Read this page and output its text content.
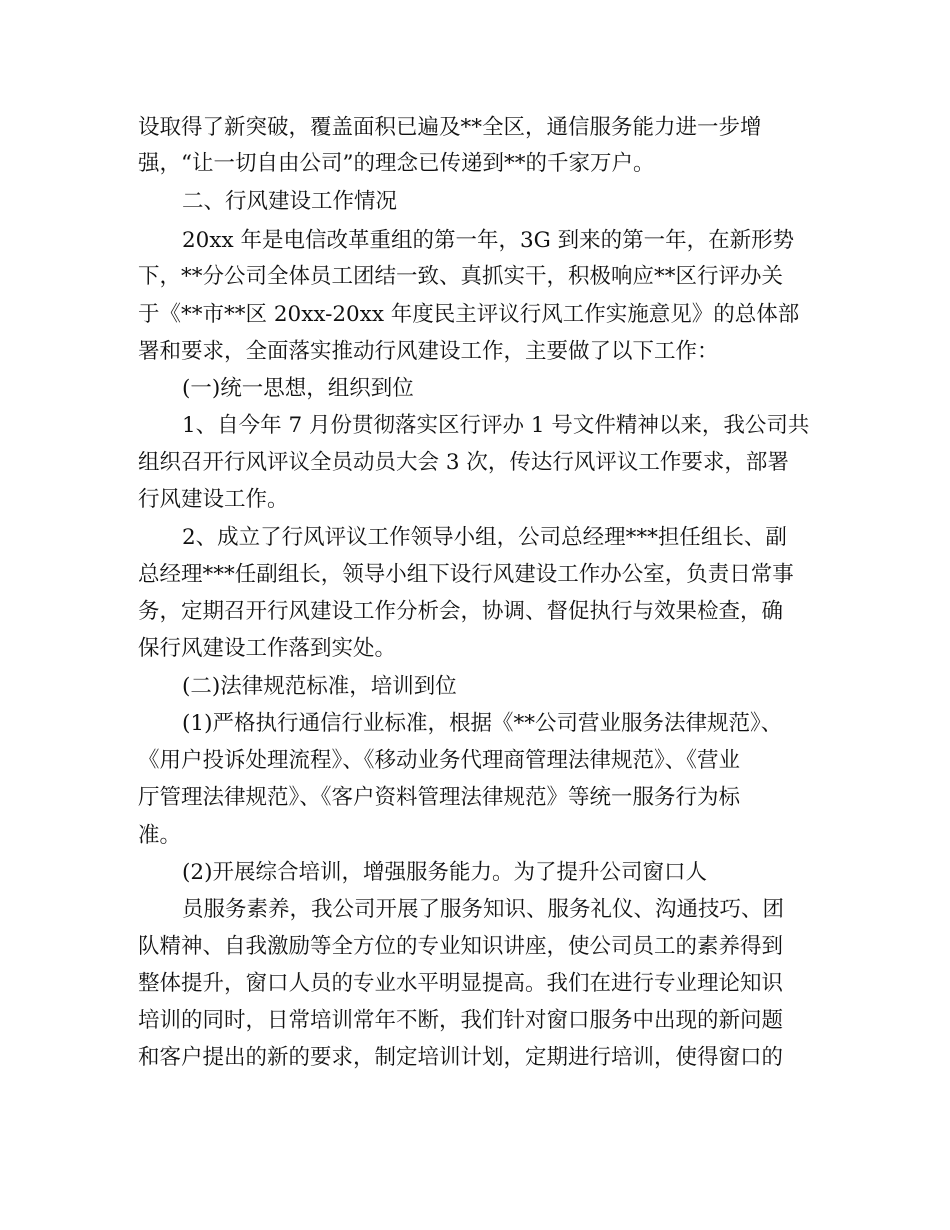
设取得了新突破，覆盖面积已遍及**全区，通信服务能力进一步增
强，“让一切自由公司”的理念已传递到**的千家万户。
二、行风建设工作情况
20xx 年是电信改革重组的第一年，3G 到来的第一年，在新形势
下，**分公司全体员工团结一致、真抓实干，积极响应**区行评办关
于《**市**区 20xx-20xx 年度民主评议行风工作实施意见》的总体部
署和要求，全面落实推动行风建设工作，主要做了以下工作：
(一)统一思想，组织到位
1、自今年 7 月份贯彻落实区行评办 1 号文件精神以来，我公司共
组织召开行风评议全员动员大会 3 次，传达行风评议工作要求，部署
行风建设工作。
2、成立了行风评议工作领导小组，公司总经理***担任组长、副
总经理***任副组长，领导小组下设行风建设工作办公室，负责日常事
务，定期召开行风建设工作分析会，协调、督促执行与效果检查，确
保行风建设工作落到实处。
(二)法律规范标准，培训到位
(1)严格执行通信行业标准，根据《**公司营业服务法律规范》、
《用户投诉处理流程》、《移动业务代理商管理法律规范》、《营业
厅管理法律规范》、《客户资料管理法律规范》等统一服务行为标
准。
(2)开展综合培训，增强服务能力。为了提升公司窗口人
员服务素养，我公司开展了服务知识、服务礼仪、沟通技巧、团
队精神、自我激励等全方位的专业知识讲座，使公司员工的素养得到
整体提升，窗口人员的专业水平明显提高。我们在进行专业理论知识
培训的同时，日常培训常年不断，我们针对窗口服务中出现的新问题
和客户提出的新的要求，制定培训计划，定期进行培训，使得窗口的
